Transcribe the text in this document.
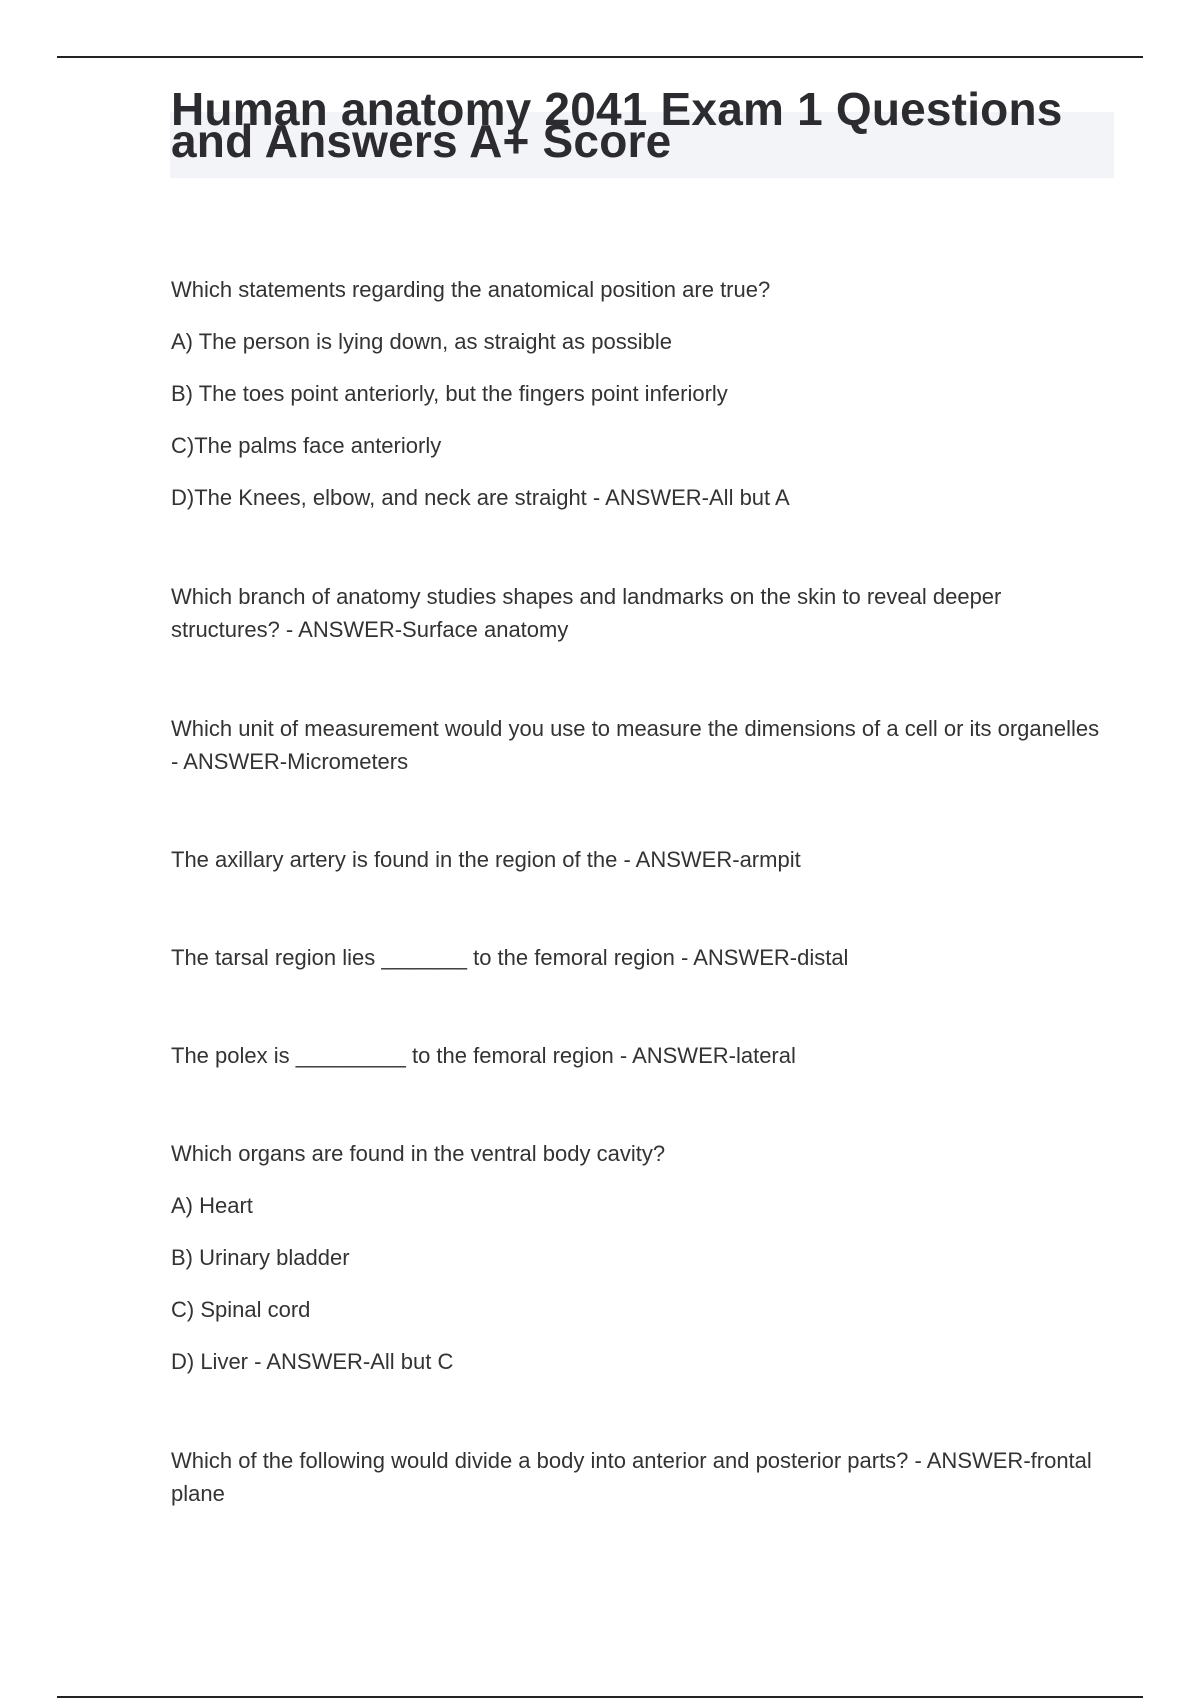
Human anatomy 2041 Exam 1 Questions and Answers A+ Score

Which statements regarding the anatomical position are true?

A) The person is lying down, as straight as possible

B) The toes point anteriorly, but the fingers point inferiorly

C)The palms face anteriorly

D)The Knees, elbow, and neck are straight - ANSWER-All but A

Which branch of anatomy studies shapes and landmarks on the skin to reveal deeper structures? - ANSWER-Surface anatomy

Which unit of measurement would you use to measure the dimensions of a cell or its organelles - ANSWER-Micrometers

The axillary artery is found in the region of the - ANSWER-armpit

The tarsal region lies _______ to the femoral region - ANSWER-distal

The polex is _________ to the femoral region - ANSWER-lateral

Which organs are found in the ventral body cavity?

A) Heart

B) Urinary bladder

C) Spinal cord

D) Liver - ANSWER-All but C

Which of the following would divide a body into anterior and posterior parts? - ANSWER-frontal plane
